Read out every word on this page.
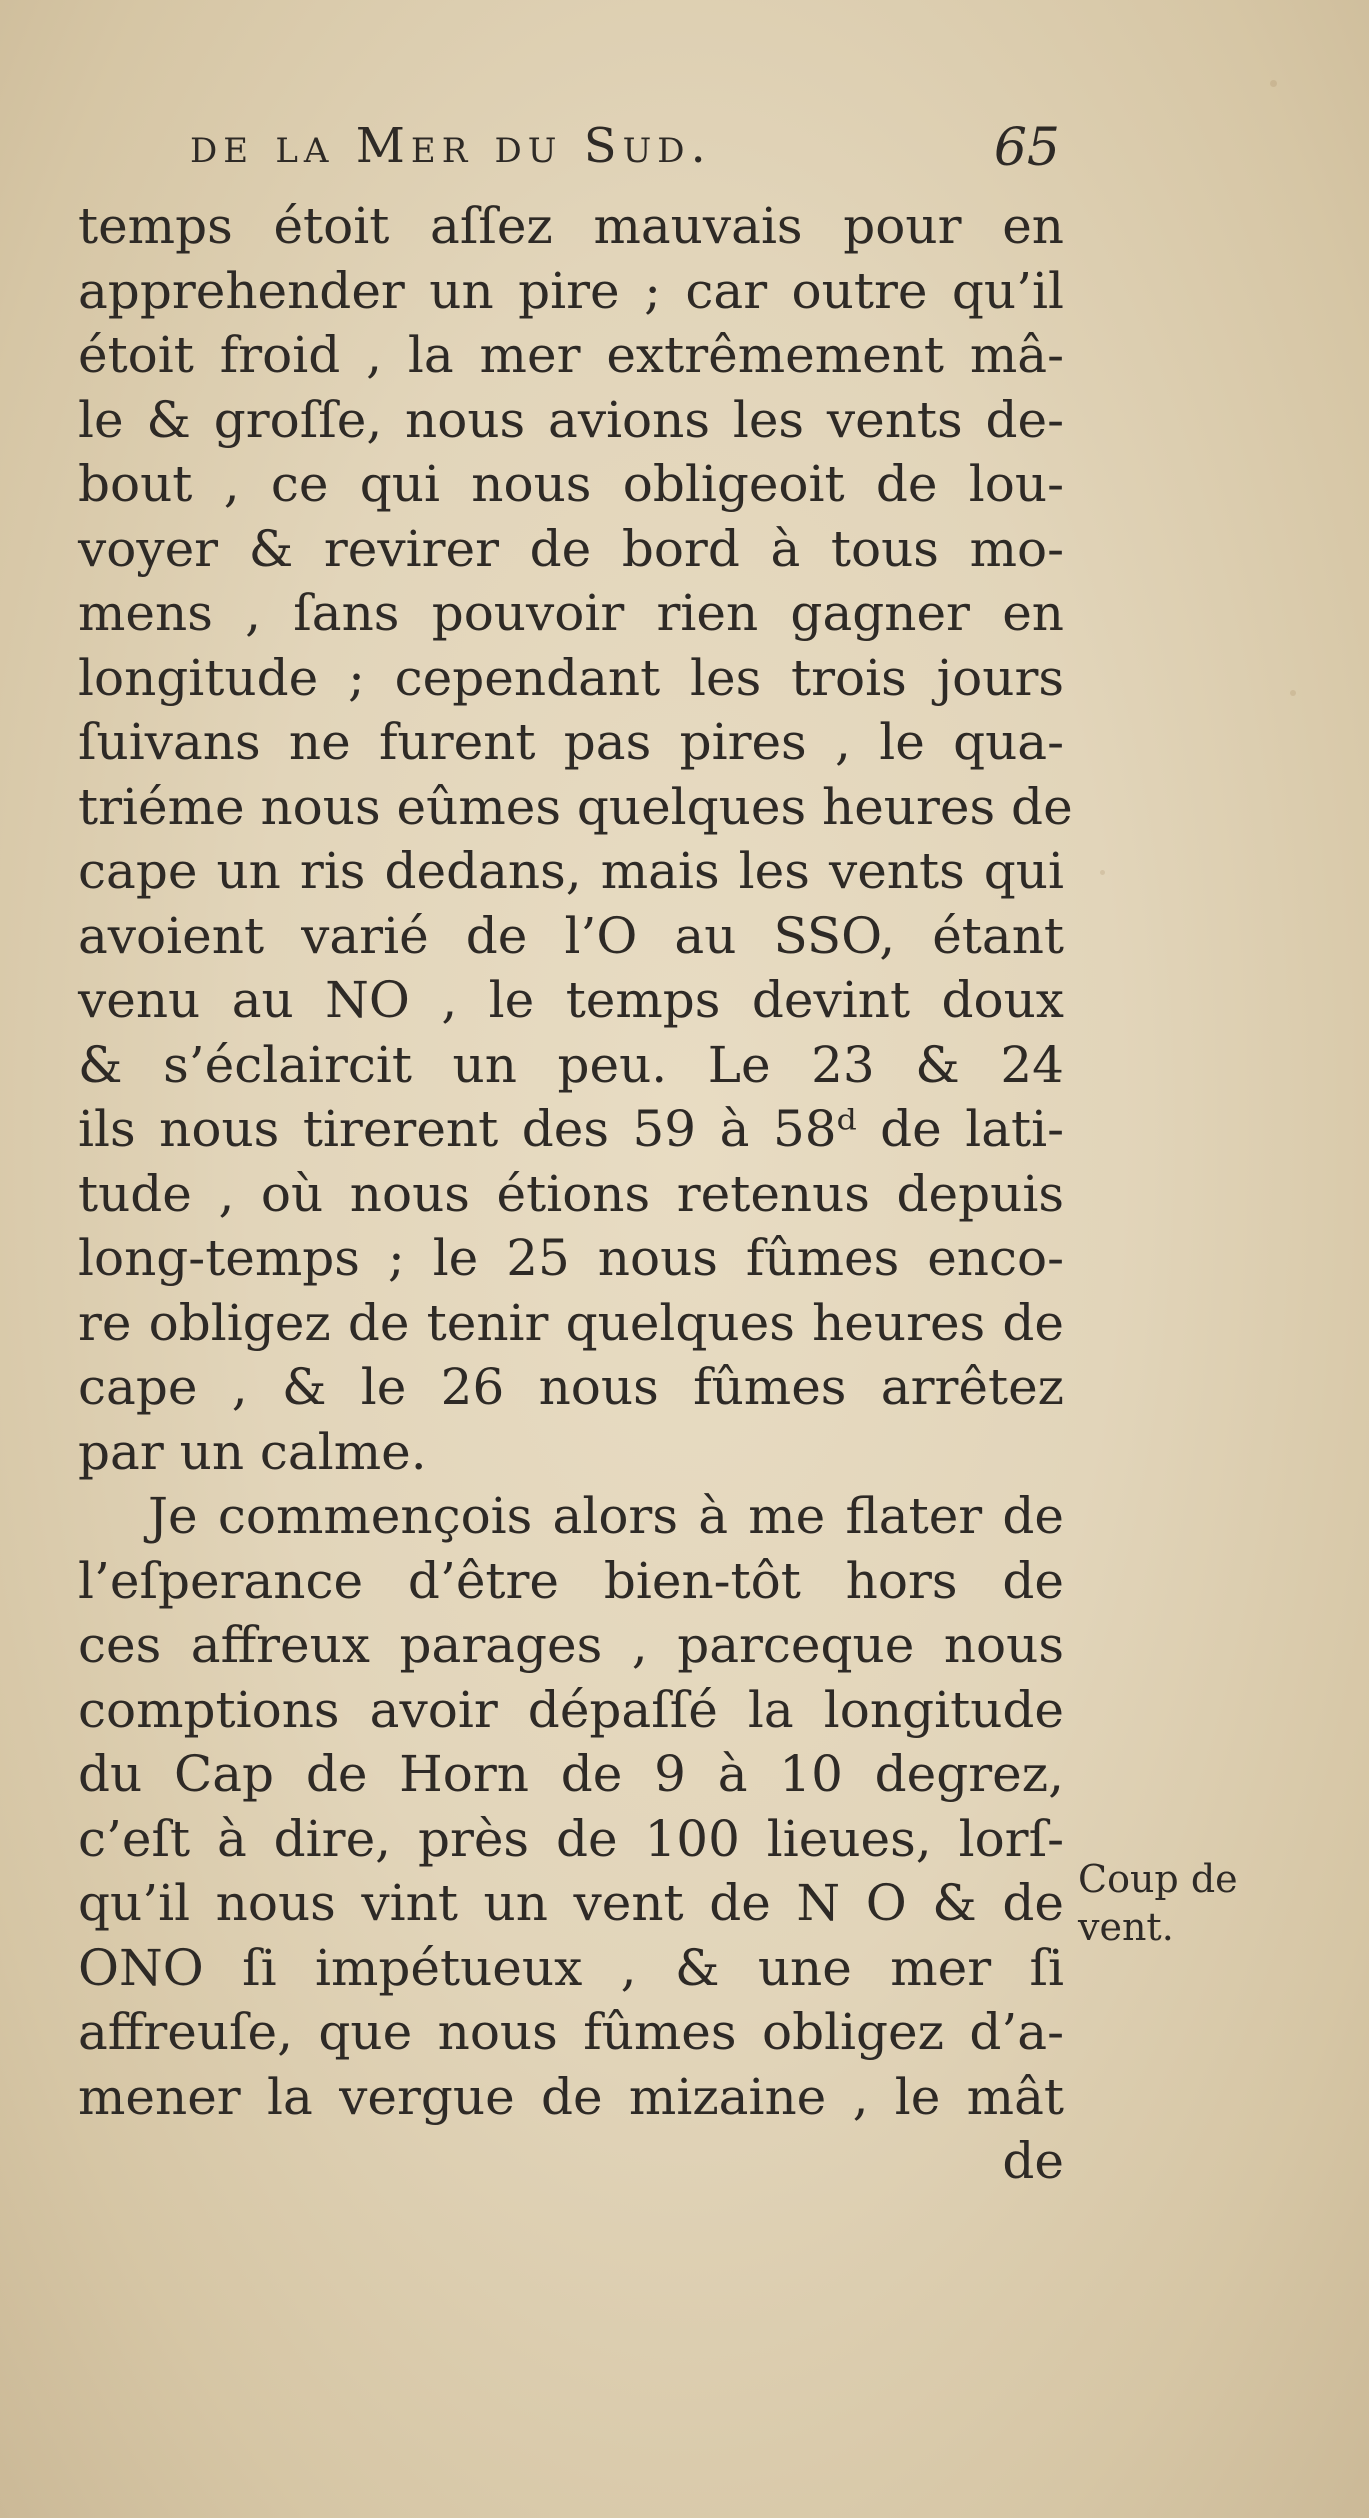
de la Mer du Sud.	65
temps étoit aſſez mauvais pour en
apprehender un pire ; car outre qu’il
étoit froid , la mer extrêmement mâ-
le & groſſe, nous avions les vents de-
bout , ce qui nous obligeoit de lou-
voyer & revirer de bord à tous mo-
mens , ſans pouvoir rien gagner en
longitude ; cependant les trois jours
ſuivans ne furent pas pires , le qua-
triéme nous eûmes quelques heures de
cape un ris dedans, mais les vents qui
avoient varié de l’O au SSO, étant
venu au NO , le temps devint doux
& s’éclaircit un peu. Le 23 & 24
ils nous tirerent des 59 à 58ᵈ de lati-
tude , où nous étions retenus depuis
long-temps ; le 25 nous fûmes enco-
re obligez de tenir quelques heures de
cape , & le 26 nous fûmes arrêtez
par un calme.
Je commençois alors à me flater de
l’eſperance d’être bien-tôt hors de
ces affreux parages , parceque nous
comptions avoir dépaſſé la longitude
du Cap de Horn de 9 à 10 degrez,
c’eſt à dire, près de 100 lieues, lorſ-
qu’il nous vint un vent de N O & de
ONO ſi impétueux , & une mer ſi
affreuſe, que nous fûmes obligez d’a-
mener la vergue de mizaine , le mât
de
Coup de
vent.
